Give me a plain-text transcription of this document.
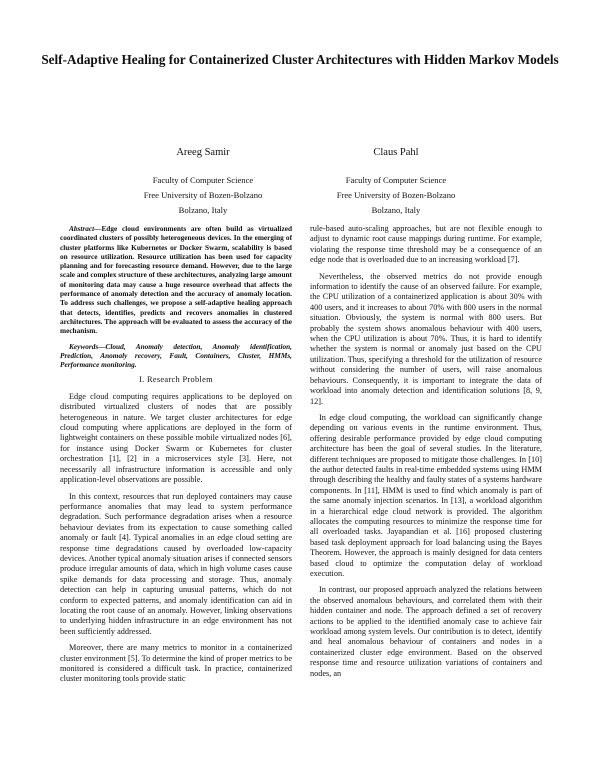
Self-Adaptive Healing for Containerized Cluster Architectures with Hidden Markov Models
Areeg Samir
Faculty of Computer Science
Free University of Bozen-Bolzano
Bolzano, Italy
Claus Pahl
Faculty of Computer Science
Free University of Bozen-Bolzano
Bolzano, Italy

Abstract—Edge cloud environments are often build as virtualized coordinated clusters of possibly heterogeneous devices. In the emerging of cluster platforms like Kubernetes or Docker Swarm, scalability is based on resource utilization. Resource utilization has been used for capacity planning and for forecasting resource demand. However, due to the large scale and complex structure of these architectures, analyzing large amount of monitoring data may cause a huge resource overhead that affects the performance of anomaly detection and the accuracy of anomaly location. To address such challenges, we propose a self-adaptive healing approach that detects, identifies, predicts and recovers anomalies in clustered architectures. The approach will be evaluated to assess the accuracy of the mechanism.

Keywords—Cloud, Anomaly detection, Anomaly identification, Prediction, Anomaly recovery, Fault, Containers, Cluster, HMMs, Performance monitoring.

I. Research Problem

Edge cloud computing requires applications to be deployed on distributed virtualized clusters of nodes that are possibly heterogeneous in nature. We target cluster architectures for edge cloud computing where applications are deployed in the form of lightweight containers on these possible mobile virtualized nodes [6], for instance using Docker Swarm or Kubernetes for cluster orchestration [1], [2] in a microservices style [3]. Here, not necessarily all infrastructure information is accessible and only application-level observations are possible.

In this context, resources that run deployed containers may cause performance anomalies that may lead to system performance degradation. Such performance degradation arises when a resource behaviour deviates from its expectation to cause something called anomaly or fault [4]. Typical anomalies in an edge cloud setting are response time degradations caused by overloaded low-capacity devices. Another typical anomaly situation arises if connected sensors produce irregular amounts of data, which in high volume cases cause spike demands for data processing and storage. Thus, anomaly detection can help in capturing unusual patterns, which do not conform to expected patterns, and anomaly identification can aid in locating the root cause of an anomaly. However, linking observations to underlying hidden infrastructure in an edge environment has not been sufficiently addressed.

Moreover, there are many metrics to monitor in a containerized cluster environment [5]. To determine the kind of proper metrics to be monitored is considered a difficult task. In practice, containerized cluster monitoring tools provide static

rule-based auto-scaling approaches, but are not flexible enough to adjust to dynamic root cause mappings during runtime. For example, violating the response time threshold may be a consequence of an edge node that is overloaded due to an increasing workload [7].

Nevertheless, the observed metrics do not provide enough information to identify the cause of an observed failure. For example, the CPU utilization of a containerized application is about 30% with 400 users, and it increases to about 70% with 800 users in the normal situation. Obviously, the system is normal with 800 users. But probably the system shows anomalous behaviour with 400 users, when the CPU utilization is about 70%. Thus, it is hard to identify whether the system is normal or anomaly just based on the CPU utilization. Thus, specifying a threshold for the utilization of resource without considering the number of users, will raise anomalous behaviours. Consequently, it is important to integrate the data of workload into anomaly detection and identification solutions [8, 9, 12].

In edge cloud computing, the workload can significantly change depending on various events in the runtime environment. Thus, offering desirable performance provided by edge cloud computing architecture has been the goal of several studies. In the literature, different techniques are proposed to mitigate those challenges. In [10] the author detected faults in real-time embedded systems using HMM through describing the healthy and faulty states of a systems hardware components. In [11], HMM is used to find which anomaly is part of the same anomaly injection scenarios. In [13], a workload algorithm in a hierarchical edge cloud network is provided. The algorithm allocates the computing resources to minimize the response time for all overloaded tasks. Jayapandian et al. [16] proposed clustering based task deployment approach for load balancing using the Bayes Theorem. However, the approach is mainly designed for data centers based cloud to optimize the computation delay of workload execution.

In contrast, our proposed approach analyzed the relations between the observed anomalous behaviours, and correlated them with their hidden container and node. The approach defined a set of recovery actions to be applied to the identified anomaly case to achieve fair workload among system levels. Our contribution is to detect, identify and heal anomalous behaviour of containers and nodes in a containerized cluster edge environment. Based on the observed response time and resource utilization variations of containers and nodes, an
